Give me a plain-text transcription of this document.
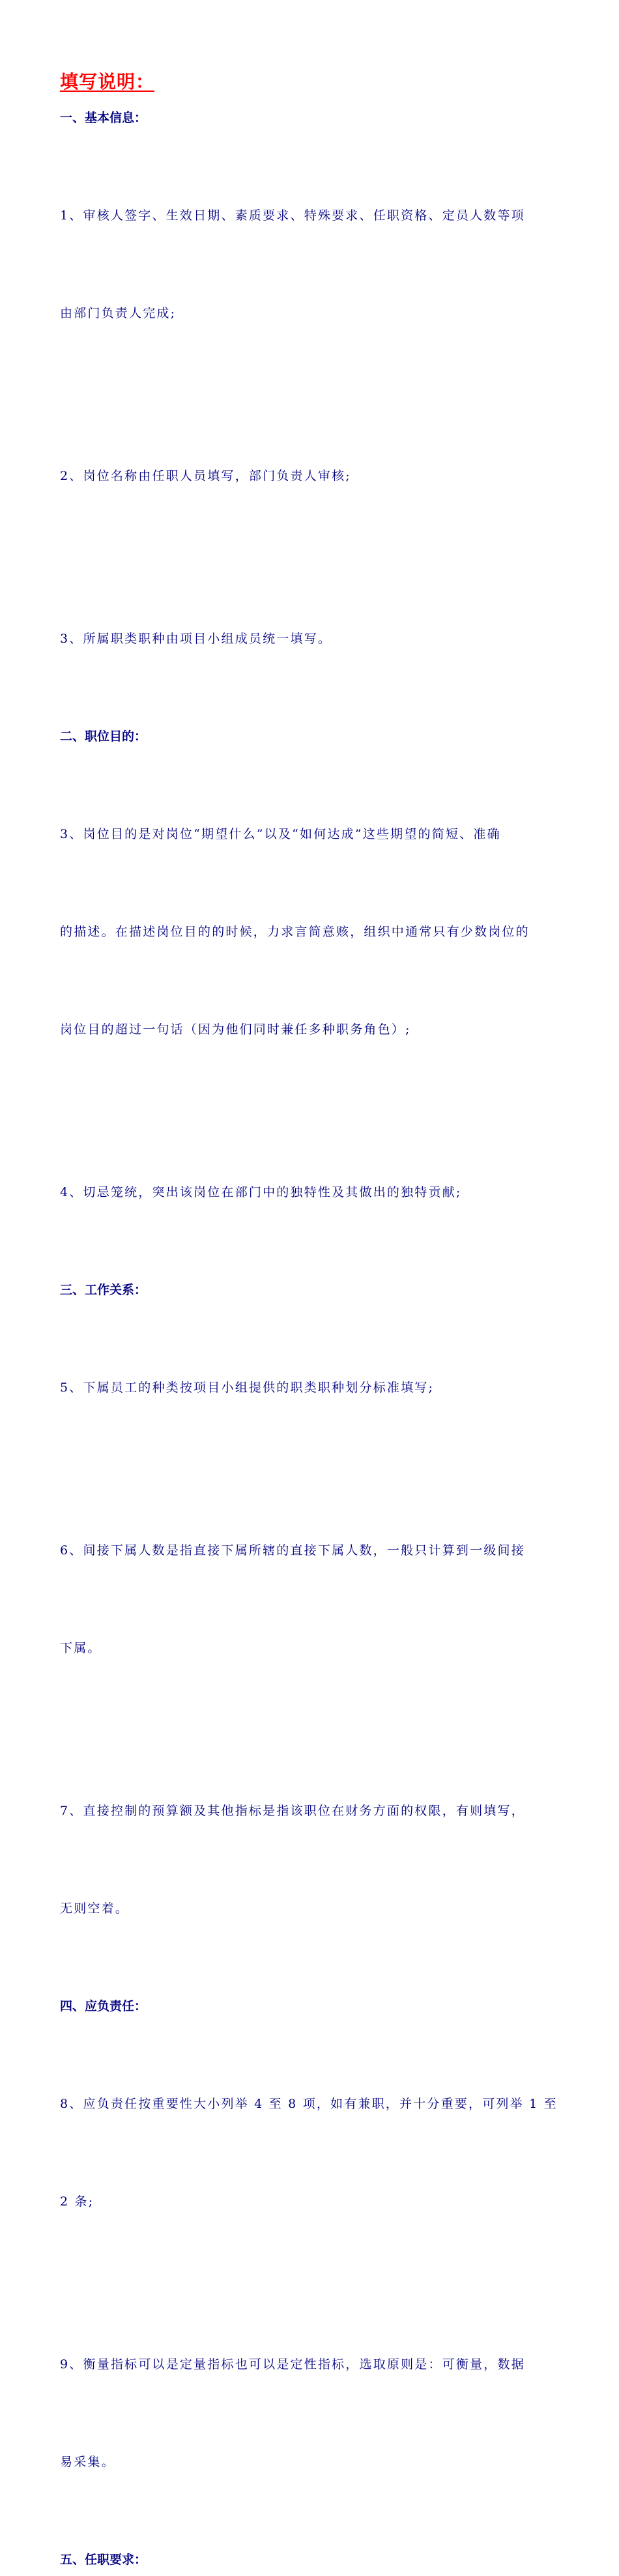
填写说明：
一、基本信息：

1、审核人签字、生效日期、素质要求、特殊要求、任职资格、定员人数等项

由部门负责人完成;

2、岗位名称由任职人员填写，部门负责人审核;

3、所属职类职种由项目小组成员统一填写。

二、职位目的：

3、岗位目的是对岗位“期望什么”以及“如何达成”这些期望的简短、准确

的描述。在描述岗位目的的时候，力求言简意赅，组织中通常只有少数岗位的

岗位目的超过一句话（因为他们同时兼任多种职务角色）;

4、切忌笼统，突出该岗位在部门中的独特性及其做出的独特贡献;

三、工作关系：

5、下属员工的种类按项目小组提供的职类职种划分标准填写;

6、间接下属人数是指直接下属所辖的直接下属人数，一般只计算到一级间接

下属。

7、直接控制的预算额及其他指标是指该职位在财务方面的权限，有则填写，

无则空着。

四、应负责任：

8、应负责任按重要性大小列举 4 至 8 项，如有兼职，并十分重要，可列举 1 至

2 条;

9、衡量指标可以是定量指标也可以是定性指标，选取原则是：可衡量，数据

易采集。

五、任职要求：
